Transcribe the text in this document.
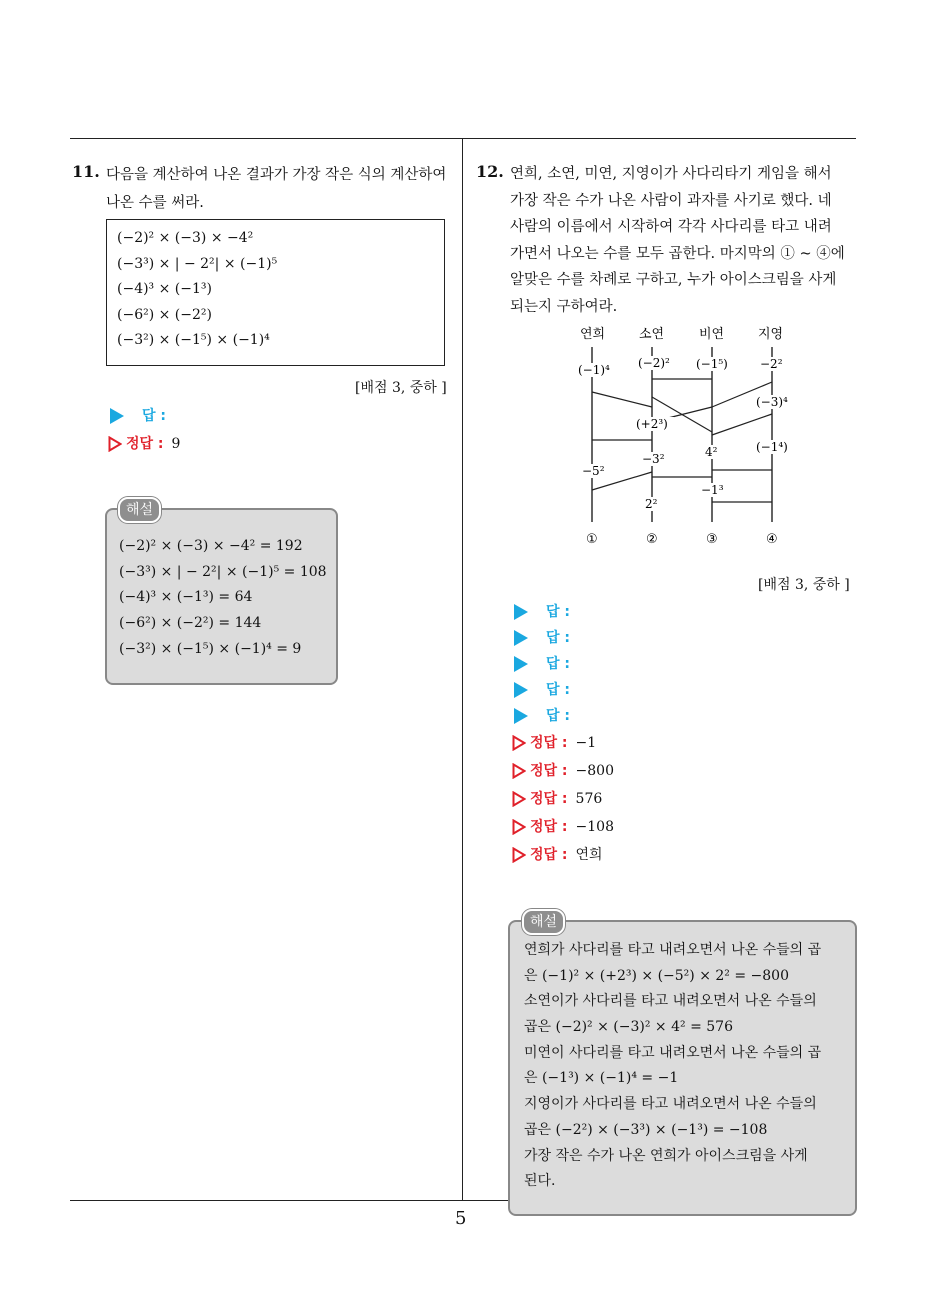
11. 다음을 계산하여 나온 결과가 가장 작은 식의 계산하여
나온 수를 써라.
(−2)² × (−3) × −4²
(−3³) × | − 2²| × (−1)⁵
(−4)³ × (−1³)
(−6²) × (−2²)
(−3²) × (−1⁵) × (−1)⁴
[배점 3, 중하 ]
답 :
정답 : 9
(−2)² × (−3) × −4² = 192
(−3³) × | − 2²| × (−1)⁵ = 108
(−4)³ × (−1³) = 64
(−6²) × (−2²) = 144
(−3²) × (−1⁵) × (−1)⁴ = 9
해설
12. 연희, 소연, 미연, 지영이가 사다리타기 게임을 해서
가장 작은 수가 나온 사람이 과자를 사기로 했다. 네
사람의 이름에서 시작하여 각각 사다리를 타고 내려
가면서 나오는 수를 모두 곱한다. 마지막의 ① ~ ④에
알맞은 수를 차례로 구하고, 누가 아이스크림을 사게
되는지 구하여라.
연희	소연	비연	지영
(−1)⁴ (−2)² (−1⁵)	−2²
(+2³)
(−3)⁴
−3²	4²	(−1⁴)
−5²
−1³
2²
①	②	③	④
[배점 3, 중하 ]
답 :
답 :
답 :
답 :
답 :
정답 : −1
정답 : −800
정답 : 576
정답 : −108
정답 : 연희
연희가 사다리를 타고 내려오면서 나온 수들의 곱
은 (−1)² × (+2³) × (−5²) × 2² = −800
소연이가 사다리를 타고 내려오면서 나온 수들의
곱은 (−2)² × (−3)² × 4² = 576
미연이 사다리를 타고 내려오면서 나온 수들의 곱
은 (−1³) × (−1)⁴ = −1
지영이가 사다리를 타고 내려오면서 나온 수들의
곱은 (−2²) × (−3³) × (−1³) = −108
가장 작은 수가 나온 연희가 아이스크림을 사게
된다.
해설
5
